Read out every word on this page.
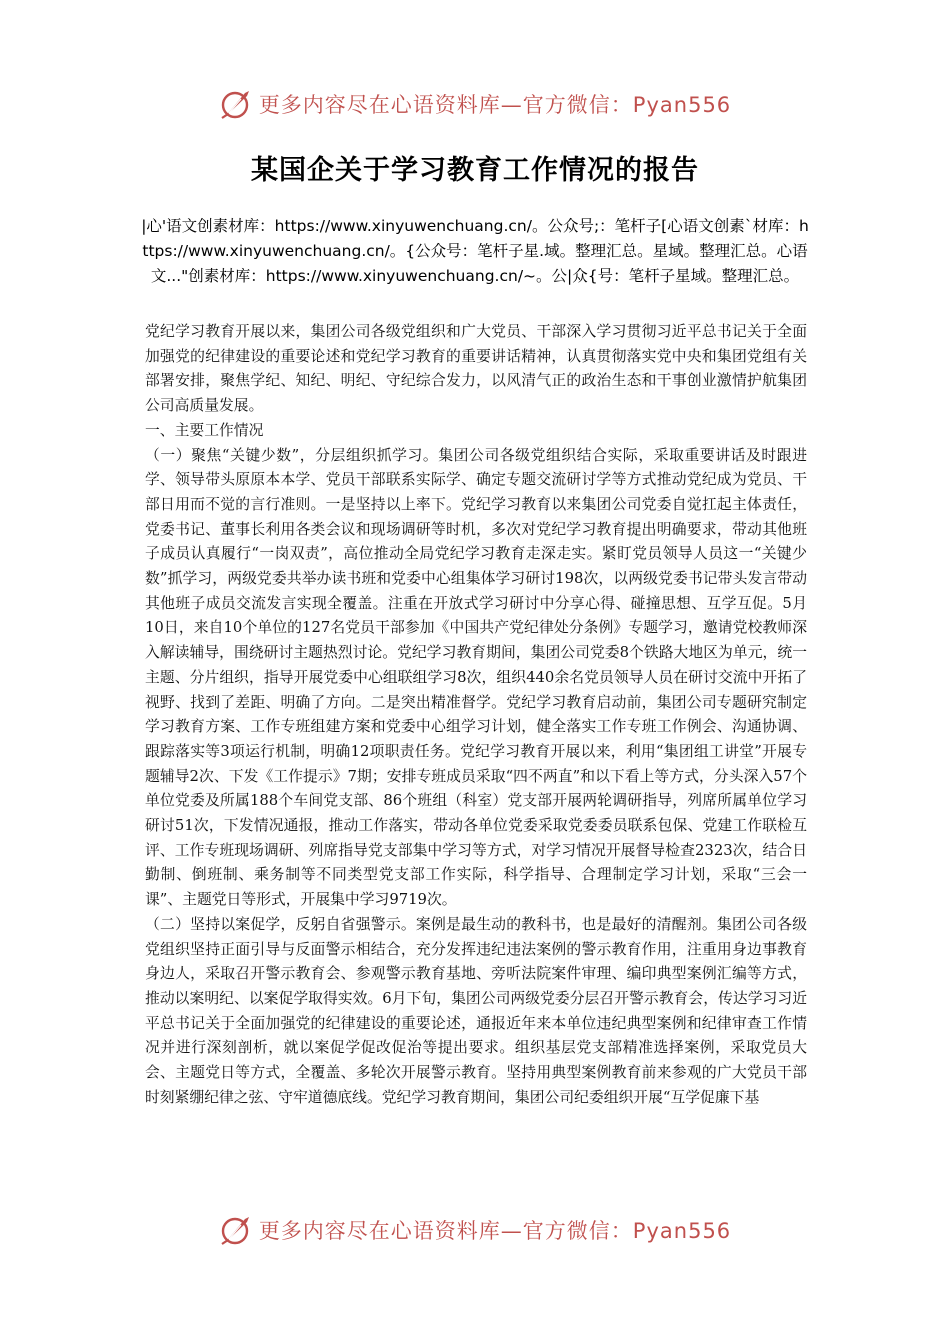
更多内容尽在心语资料库—官方微信：Pyan556
某国企关于学习教育工作情况的报告
|心'语文创素材库：https://www.xinyuwenchuang.cn/。公众号;：笔杆子[心语文创素`材库：https://www.xinyuwenchuang.cn/。{公众号：笔杆子星.域。整理汇总。星域。整理汇总。心语文..."创素材库：https://www.xinyuwenchuang.cn/~。公|众{号：笔杆子星域。整理汇总。

党纪学习教育开展以来，集团公司各级党组织和广大党员、干部深入学习贯彻习近平总书记关于全面加强党的纪律建设的重要论述和党纪学习教育的重要讲话精神，认真贯彻落实党中央和集团党组有关部署安排，聚焦学纪、知纪、明纪、守纪综合发力，以风清气正的政治生态和干事创业激情护航集团公司高质量发展。

一、主要工作情况

（一）聚焦“关键少数”，分层组织抓学习。集团公司各级党组织结合实际，采取重要讲话及时跟进学、领导带头原原本本学、党员干部联系实际学、确定专题交流研讨学等方式推动党纪成为党员、干部日用而不觉的言行准则。一是坚持以上率下。党纪学习教育以来集团公司党委自觉扛起主体责任，党委书记、董事长利用各类会议和现场调研等时机，多次对党纪学习教育提出明确要求，带动其他班子成员认真履行“一岗双责”，高位推动全局党纪学习教育走深走实。紧盯党员领导人员这一“关键少数”抓学习，两级党委共举办读书班和党委中心组集体学习研讨198次，以两级党委书记带头发言带动其他班子成员交流发言实现全覆盖。注重在开放式学习研讨中分享心得、碰撞思想、互学互促。5月10日，来自10个单位的127名党员干部参加《中国共产党纪律处分条例》专题学习，邀请党校教师深入解读辅导，围绕研讨主题热烈讨论。党纪学习教育期间，集团公司党委8个铁路大地区为单元，统一主题、分片组织，指导开展党委中心组联组学习8次，组织440余名党员领导人员在研讨交流中开拓了视野、找到了差距、明确了方向。二是突出精准督学。党纪学习教育启动前，集团公司专题研究制定学习教育方案、工作专班组建方案和党委中心组学习计划，健全落实工作专班工作例会、沟通协调、跟踪落实等3项运行机制，明确12项职责任务。党纪学习教育开展以来，利用“集团组工讲堂”开展专题辅导2次、下发《工作提示》7期；安排专班成员采取“四不两直”和以下看上等方式，分头深入57个单位党委及所属188个车间党支部、86个班组（科室）党支部开展两轮调研指导，列席所属单位学习研讨51次，下发情况通报，推动工作落实，带动各单位党委采取党委委员联系包保、党建工作联检互评、工作专班现场调研、列席指导党支部集中学习等方式，对学习情况开展督导检查2323次，结合日勤制、倒班制、乘务制等不同类型党支部工作实际，科学指导、合理制定学习计划，采取“三会一课”、主题党日等形式，开展集中学习9719次。

（二）坚持以案促学，反躬自省强警示。案例是最生动的教科书，也是最好的清醒剂。集团公司各级党组织坚持正面引导与反面警示相结合，充分发挥违纪违法案例的警示教育作用，注重用身边事教育身边人，采取召开警示教育会、参观警示教育基地、旁听法院案件审理、编印典型案例汇编等方式，推动以案明纪、以案促学取得实效。6月下旬，集团公司两级党委分层召开警示教育会，传达学习习近平总书记关于全面加强党的纪律建设的重要论述，通报近年来本单位违纪典型案例和纪律审查工作情况并进行深刻剖析，就以案促学促改促治等提出要求。组织基层党支部精准选择案例，采取党员大会、主题党日等方式，全覆盖、多轮次开展警示教育。坚持用典型案例教育前来参观的广大党员干部时刻紧绷纪律之弦、守牢道德底线。党纪学习教育期间，集团公司纪委组织开展“互学促廉下基

更多内容尽在心语资料库—官方微信：Pyan556
